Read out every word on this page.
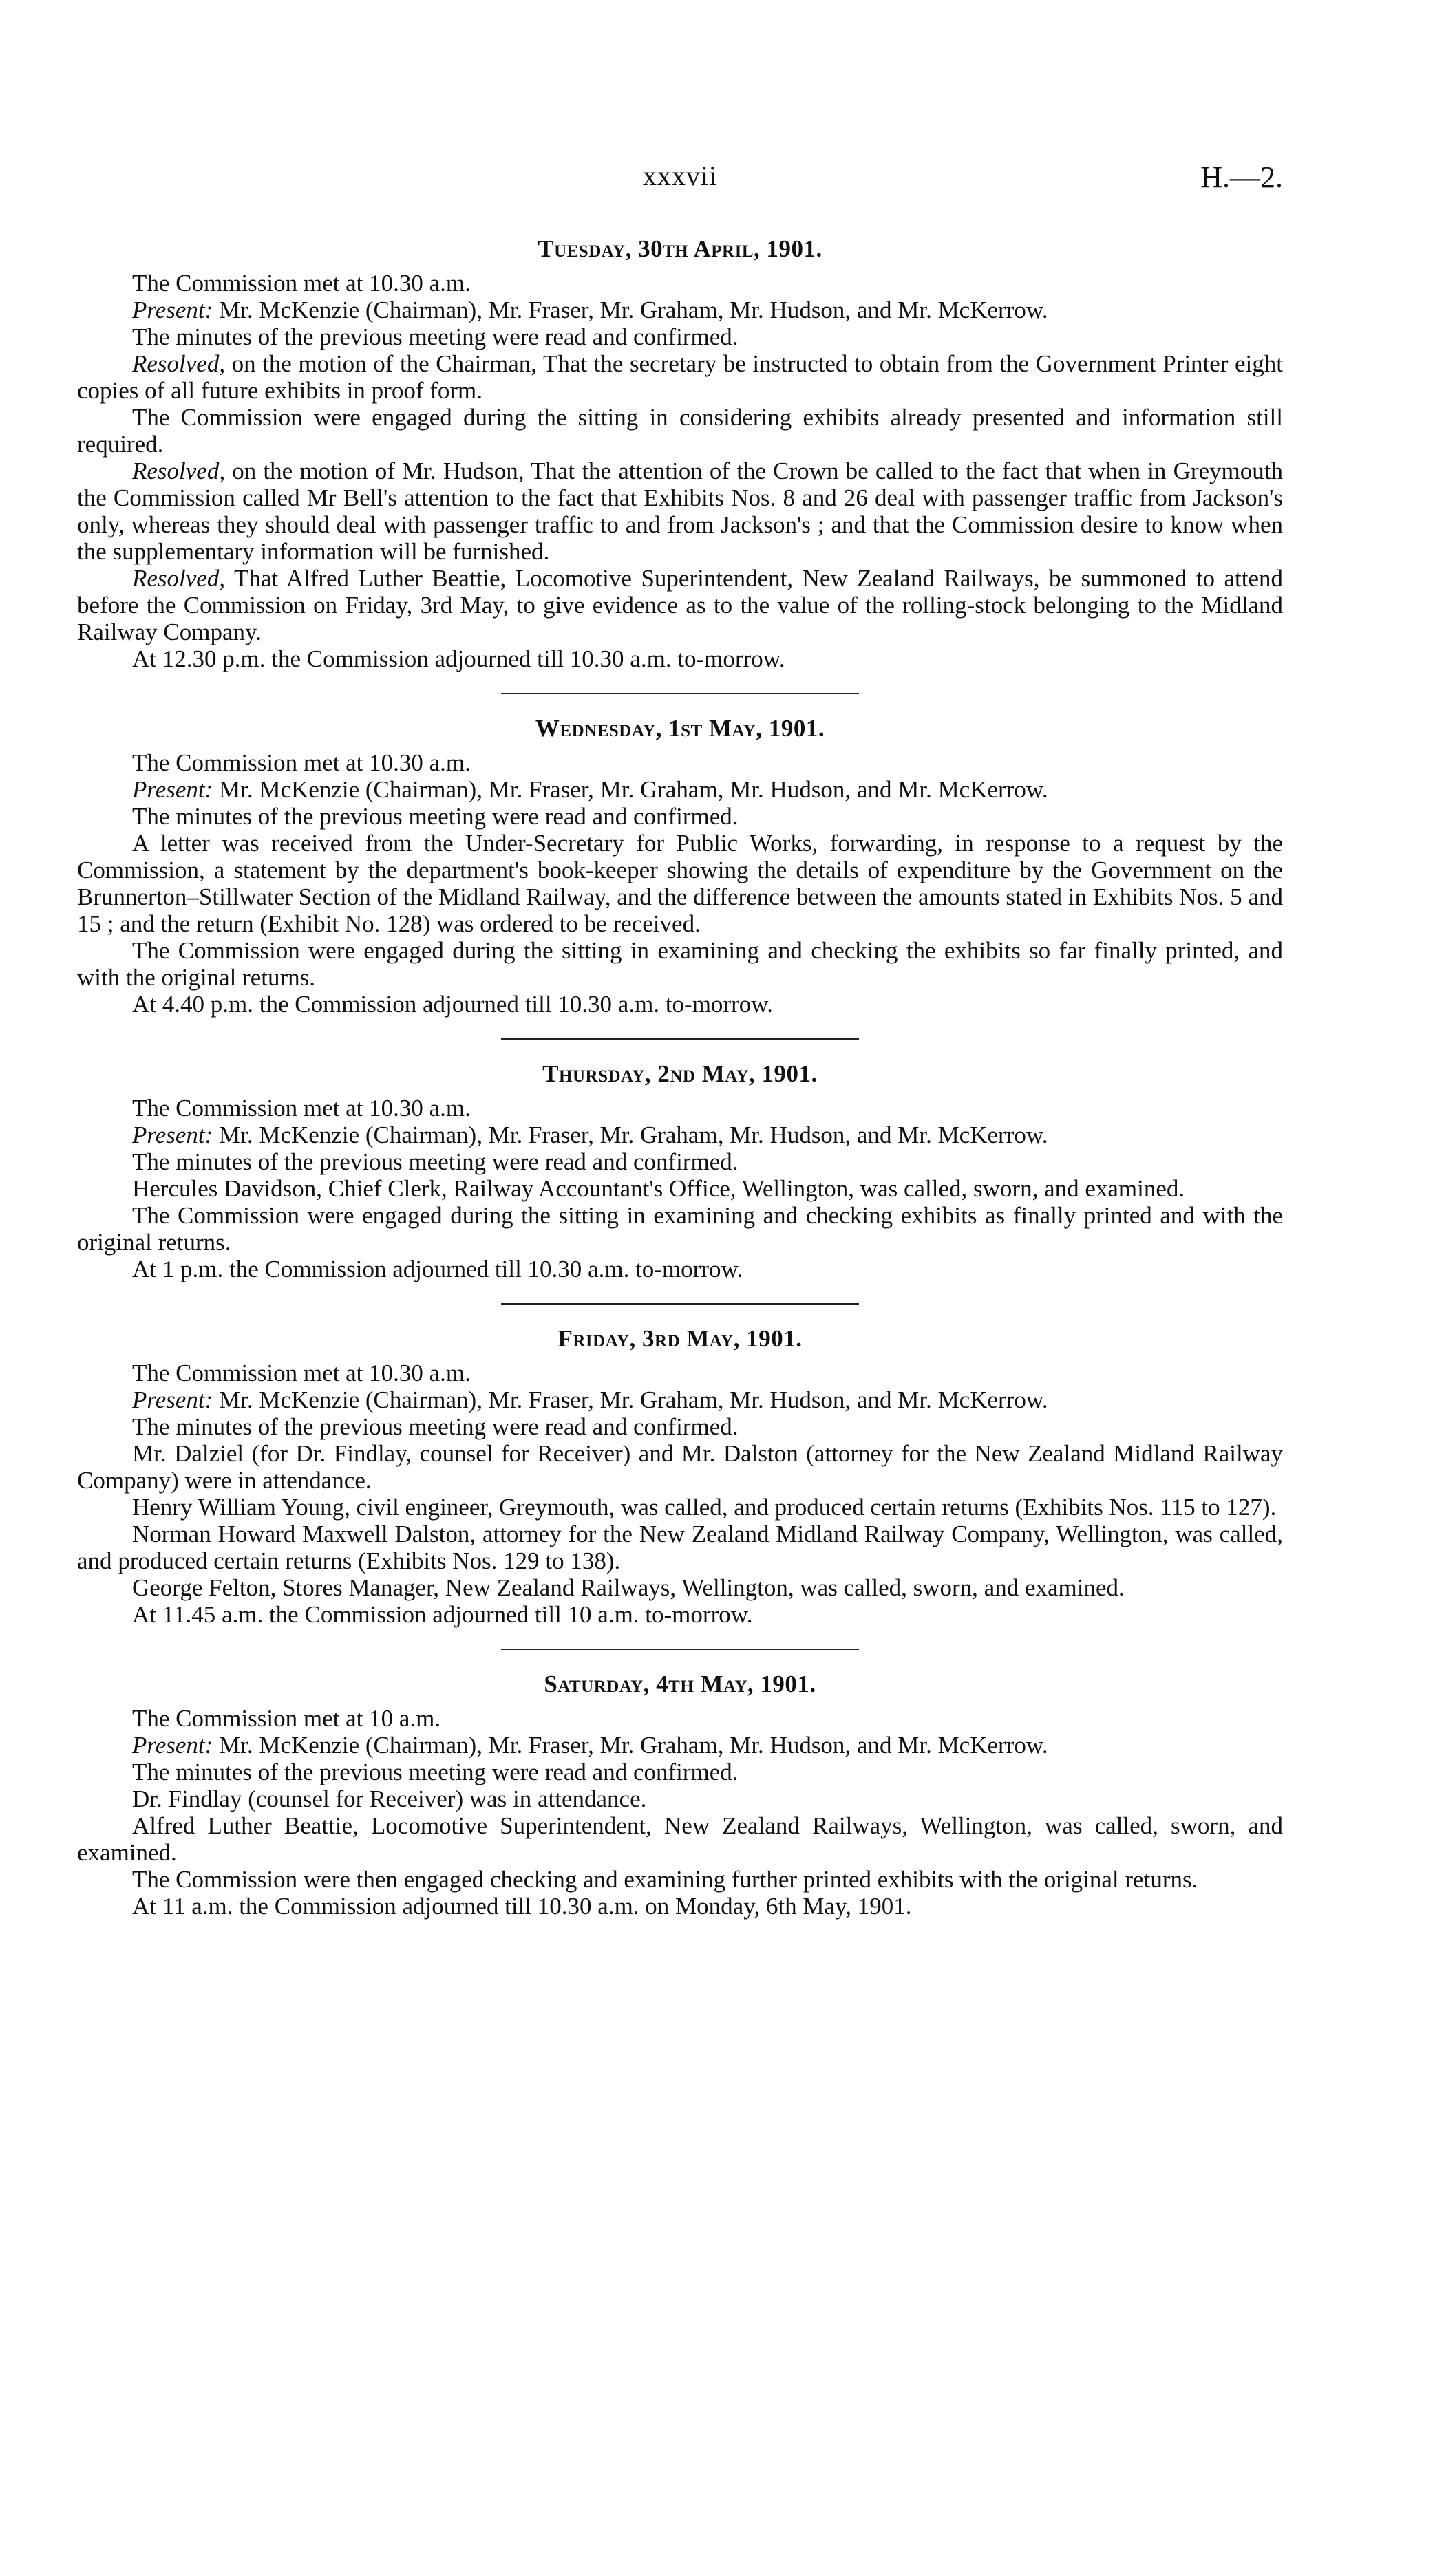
xxxvii	H.—2.
Tuesday, 30th April, 1901.

The Commission met at 10.30 a.m.

Present: Mr. McKenzie (Chairman), Mr. Fraser, Mr. Graham, Mr. Hudson, and Mr. McKerrow.

The minutes of the previous meeting were read and confirmed.

Resolved, on the motion of the Chairman, That the secretary be instructed to obtain from the Government Printer eight copies of all future exhibits in proof form.

The Commission were engaged during the sitting in considering exhibits already presented and information still required.

Resolved, on the motion of Mr. Hudson, That the attention of the Crown be called to the fact that when in Greymouth the Commission called Mr Bell's attention to the fact that Exhibits Nos. 8 and 26 deal with passenger traffic from Jackson's only, whereas they should deal with passenger traffic to and from Jackson's ; and that the Commission desire to know when the supplementary information will be furnished.

Resolved, That Alfred Luther Beattie, Locomotive Superintendent, New Zealand Railways, be summoned to attend before the Commission on Friday, 3rd May, to give evidence as to the value of the rolling-stock belonging to the Midland Railway Company.

At 12.30 p.m. the Commission adjourned till 10.30 a.m. to-morrow.

Wednesday, 1st May, 1901.

The Commission met at 10.30 a.m.

Present: Mr. McKenzie (Chairman), Mr. Fraser, Mr. Graham, Mr. Hudson, and Mr. McKerrow.

The minutes of the previous meeting were read and confirmed.

A letter was received from the Under-Secretary for Public Works, forwarding, in response to a request by the Commission, a statement by the department's book-keeper showing the details of expenditure by the Government on the Brunnerton–Stillwater Section of the Midland Railway, and the difference between the amounts stated in Exhibits Nos. 5 and 15 ; and the return (Exhibit No. 128) was ordered to be received.

The Commission were engaged during the sitting in examining and checking the exhibits so far finally printed, and with the original returns.

At 4.40 p.m. the Commission adjourned till 10.30 a.m. to-morrow.

Thursday, 2nd May, 1901.

The Commission met at 10.30 a.m.

Present: Mr. McKenzie (Chairman), Mr. Fraser, Mr. Graham, Mr. Hudson, and Mr. McKerrow.

The minutes of the previous meeting were read and confirmed.

Hercules Davidson, Chief Clerk, Railway Accountant's Office, Wellington, was called, sworn, and examined.

The Commission were engaged during the sitting in examining and checking exhibits as finally printed and with the original returns.

At 1 p.m. the Commission adjourned till 10.30 a.m. to-morrow.

Friday, 3rd May, 1901.

The Commission met at 10.30 a.m.

Present: Mr. McKenzie (Chairman), Mr. Fraser, Mr. Graham, Mr. Hudson, and Mr. McKerrow.

The minutes of the previous meeting were read and confirmed.

Mr. Dalziel (for Dr. Findlay, counsel for Receiver) and Mr. Dalston (attorney for the New Zealand Midland Railway Company) were in attendance.

Henry William Young, civil engineer, Greymouth, was called, and produced certain returns (Exhibits Nos. 115 to 127).

Norman Howard Maxwell Dalston, attorney for the New Zealand Midland Railway Company, Wellington, was called, and produced certain returns (Exhibits Nos. 129 to 138).

George Felton, Stores Manager, New Zealand Railways, Wellington, was called, sworn, and examined.

At 11.45 a.m. the Commission adjourned till 10 a.m. to-morrow.

Saturday, 4th May, 1901.

The Commission met at 10 a.m.

Present: Mr. McKenzie (Chairman), Mr. Fraser, Mr. Graham, Mr. Hudson, and Mr. McKerrow.

The minutes of the previous meeting were read and confirmed.

Dr. Findlay (counsel for Receiver) was in attendance.

Alfred Luther Beattie, Locomotive Superintendent, New Zealand Railways, Wellington, was called, sworn, and examined.

The Commission were then engaged checking and examining further printed exhibits with the original returns.

At 11 a.m. the Commission adjourned till 10.30 a.m. on Monday, 6th May, 1901.
